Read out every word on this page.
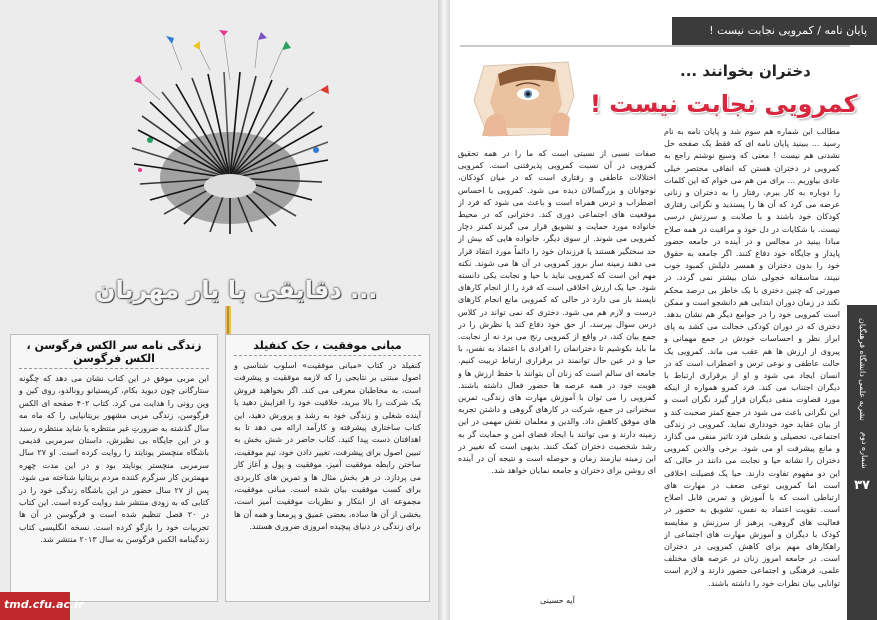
دقایقی با یار مهربان ...
مبانی موفقیت ، جک کنفیلد
کنفیلد در کتاب «مبانی موفقیت» اسلوب شناسی و اصول مبتنی بر نتایجی را که لازمه موفقیت و پیشرفت است، به مخاطبان معرفی می کند. اگر بخواهید فروش یک شرکت را بالا ببرید، خلاقیت خود را افزایش دهید یا آینده شغلی و زندگی خود به رشد و پرورش دهید، این کتاب ساختاری پیشرفته و کارآمد ارائه می دهد تا به اهدافتان دست پیدا کنید. کتاب حاضر در شش بخش به تبیین اصول برای پیشرفت، تغییر دادن خود، تیم موفقیت، ساختن رابطه موفقیت آمیز، موفقیت و پول و آغاز کار می پردازد. در هر بخش مثال ها و تمرین های کاربردی برای کسب موفقیت بیان شده است. مبانی موفقیت، مجموعه ای از ابتکار و نظریات موفقیت آمیز است، بخشی از آن ها ساده، بعضی عمیق و پرمعنا و همه آن ها برای زندگی در دنیای پیچیده امروزی ضروری هستند.
زندگی نامه سر الکس فرگوسن ، الکس فرگوسن
این مربی موفق در این کتاب نشان می دهد که چگونه ستارگانی چون دیوید بکام، کریستیانو رونالدو، روی کین و وین رونی را هدایت می کرد. کتاب ۴۰۲ صفحه ای الکس فرگوسن، زندگی مربی مشهور بریتانیایی را که ماه مه سال گذشته به ضرورتِ غیر منتظره یا شاید منتظره رسید و در این جایگاه بی نظیرش، داستان سرمربی قدیمی باشگاه منچستر یونایتد را روایت کرده است. او ۲۷ سال سرمربی منچستر یونایتد بود و در این مدت چهره مهمترین کار سرگرم کننده مردم بریتانیا شناخته می شود. پس از ۲۷ سال حضور در این باشگاه زندگی خود را در کتابی که به زودی منتشر شد روایت کرده است. این کتاب در ۲۰ فصل تنظیم شده است و فرگوسن در آن ها تجربیات خود را بازگو کرده است. نسخه انگلیسی کتاب زندگینامه الکس فرگوسن به سال ۲۰۱۳ منتشر شد.
tmd.cfu.ac.ir
پایان نامه / کمرویی نجابت نیست !
نشریه علمی دانشگاه فرهنگیان
شماره دوم
۳۷
دختران بخوانند ...
کمرویی نجابت نیست !
مطالب این شماره هم سوم شد و پایان نامه به نام رسید ... ببینید پایان نامه ای که فقط یک صفحه حل نشدنی هم نیست ! معنی که وسیع نوشتم راجع به کمرویی در دختران هستن که انفاقی مختصر خیلی عادی بیاوریم ... برای من هم می خوام که این کلمات را دوباره به کار ببرم. رفتار را به دختران و زنانی عرضه می کرد که آن ها را پسندید و نگرانی رفتاری کودکان خود باشند و با صلابت و سرزنش درسی نیست. با شکایات در دل خود و مراقبت در همه صلاح مبادا بینید در مجالس و در آینده در جامعه حضور پایدار و جایگاه خود دفاع کنند. اگر جامعه به حقوق خود را بدون دختران و همسر دلیلش کمبود خوب نبیند، متاسفانه خجولی شان بیشتر نمی گردد. در صورتی که چنین دختری با یک خاطر بی درصد محکم نکند در زمان دوران ابتدایی هم دانشجو است و ممکن است کمرویی خود را در جوامع دیگر هم نشان بدهد. دختری که در دوران کودکی خجالت می کشد به پای ابراز نظر و احساسات خودش در جمع مهمانی و پیروی از ارزش ها هم عقب می ماند. کمرویی یک حالت عاطفی و نوعی ترس و اضطراب است که در انسان ایجاد می شود و او از برقراری ارتباط با دیگران اجتناب می کند. فرد کمرو همواره از اینکه مورد قضاوت منفی دیگران قرار گیرد نگران است و این نگرانی باعث می شود در جمع کمتر صحبت کند و از بیان عقاید خود خودداری نماید. کمرویی در زندگی اجتماعی، تحصیلی و شغلی فرد تاثیر منفی می گذارد و مانع پیشرفت او می شود. برخی والدین کمرویی دختران را نشانه حیا و نجابت می دانند در حالی که این دو مفهوم تفاوت دارند. حیا یک فضیلت اخلاقی است اما کمرویی نوعی ضعف در مهارت های ارتباطی است که با آموزش و تمرین قابل اصلاح است. تقویت اعتماد به نفس، تشویق به حضور در فعالیت های گروهی، پرهیز از سرزنش و مقایسه کودک با دیگران و آموزش مهارت های اجتماعی از راهکارهای مهم برای کاهش کمرویی در دختران است. در جامعه امروز زنان در عرصه های مختلف علمی، فرهنگی و اجتماعی حضور دارند و لازم است توانایی بیان نظرات خود را داشته باشند.
صفات نسبی از نسبتی است که ما را در همه تحقیق کمرویی در آن نسبت کمرویی پذیرفتنی است. کمرویی اختلالات عاطفی و رفتاری است که در میان کودکان، نوجوانان و بزرگسالان دیده می شود. کمرویی با احساس اضطراب و ترس همراه است و باعث می شود که فرد از موقعیت های اجتماعی دوری کند. دخترانی که در محیط خانواده مورد حمایت و تشویق قرار می گیرند کمتر دچار کمرویی می شوند. از سوی دیگر، خانواده هایی که بیش از حد سختگیر هستند یا فرزندان خود را دائماً مورد انتقاد قرار می دهند زمینه ساز بروز کمرویی در آن ها می شوند. نکته مهم این است که کمرویی نباید با حیا و نجابت یکی دانسته شود. حیا یک ارزش اخلاقی است که فرد را از انجام کارهای ناپسند باز می دارد در حالی که کمرویی مانع انجام کارهای درست و لازم هم می شود. دختری که نمی تواند در کلاس درس سوال بپرسد، از حق خود دفاع کند یا نظرش را در جمع بیان کند، در واقع از کمرویی رنج می برد نه از نجابت. ما باید بکوشیم تا دخترانمان را افرادی با اعتماد به نفس، با حیا و در عین حال توانمند در برقراری ارتباط تربیت کنیم. جامعه ای سالم است که زنان آن بتوانند با حفظ ارزش ها و هویت خود در همه عرصه ها حضور فعال داشته باشند. کمرویی را می توان با آموزش مهارت های زندگی، تمرین سخنرانی در جمع، شرکت در کارهای گروهی و داشتن تجربه های موفق کاهش داد. والدین و معلمان نقش مهمی در این زمینه دارند و می توانند با ایجاد فضای امن و حمایت گر به رشد شخصیت دختران کمک کنند. بدیهی است که تغییر در این زمینه نیازمند زمان و حوصله است و نتیجه آن در آینده ای روشن برای دختران و جامعه نمایان خواهد شد.
آیه حسینی
